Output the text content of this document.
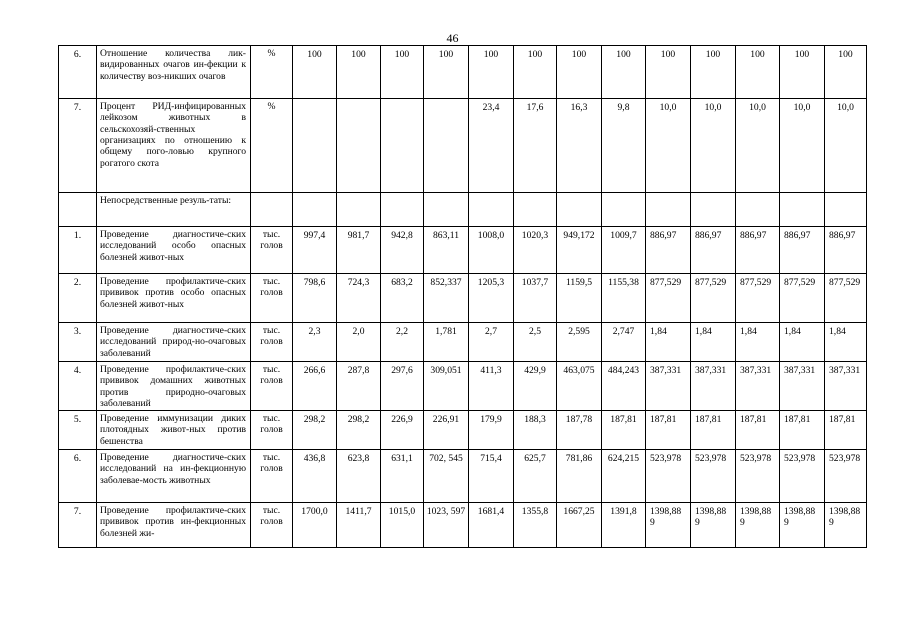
46
6.	Отношение количества лик-видированных очагов ин-фекции к количеству воз-никших очагов	%	100	100	100	100	100	100	100	100	100	100	100	100	100
7.	Процент РИД-инфицированных лейкозом животных в сельскохозяй-ственных организациях по отношению к общему пого-ловью крупного рогатого скота	%					23,4	17,6	16,3	9,8	10,0	10,0	10,0	10,0	10,0
	Непосредственные резуль-таты:														
1.	Проведение диагностиче-ских исследований особо опасных болезней живот-ных	тыс. голов	997,4	981,7	942,8	863,11	1008,0	1020,3	949,172	1009,7	886,97	886,97	886,97	886,97	886,97
2.	Проведение профилактиче-ских прививок против особо опасных болезней живот-ных	тыс. голов	798,6	724,3	683,2	852,337	1205,3	1037,7	1159,5	1155,38	877,529	877,529	877,529	877,529	877,529
3.	Проведение диагностиче-ских исследований природ-но-очаговых заболеваний	тыс. голов	2,3	2,0	2,2	1,781	2,7	2,5	2,595	2,747	1,84	1,84	1,84	1,84	1,84
4.	Проведение профилактиче-ских прививок домашних животных против природно-очаговых заболеваний	тыс. голов	266,6	287,8	297,6	309,051	411,3	429,9	463,075	484,243	387,331	387,331	387,331	387,331	387,331
5.	Проведение иммунизации диких плотоядных живот-ных против бешенства	тыс. голов	298,2	298,2	226,9	226,91	179,9	188,3	187,78	187,81	187,81	187,81	187,81	187,81	187,81
6.	Проведение диагностиче-ских исследований на ин-фекционную заболевае-мость животных	тыс. голов	436,8	623,8	631,1	702, 545	715,4	625,7	781,86	624,215	523,978	523,978	523,978	523,978	523,978
7.	Проведение профилактиче-ских прививок против ин-фекционных болезней жи-	тыс. голов	1700,0	1411,7	1015,0	1023, 597	1681,4	1355,8	1667,25	1391,8	1398,88 9	1398,88 9	1398,88 9	1398,88 9	1398,88 9
